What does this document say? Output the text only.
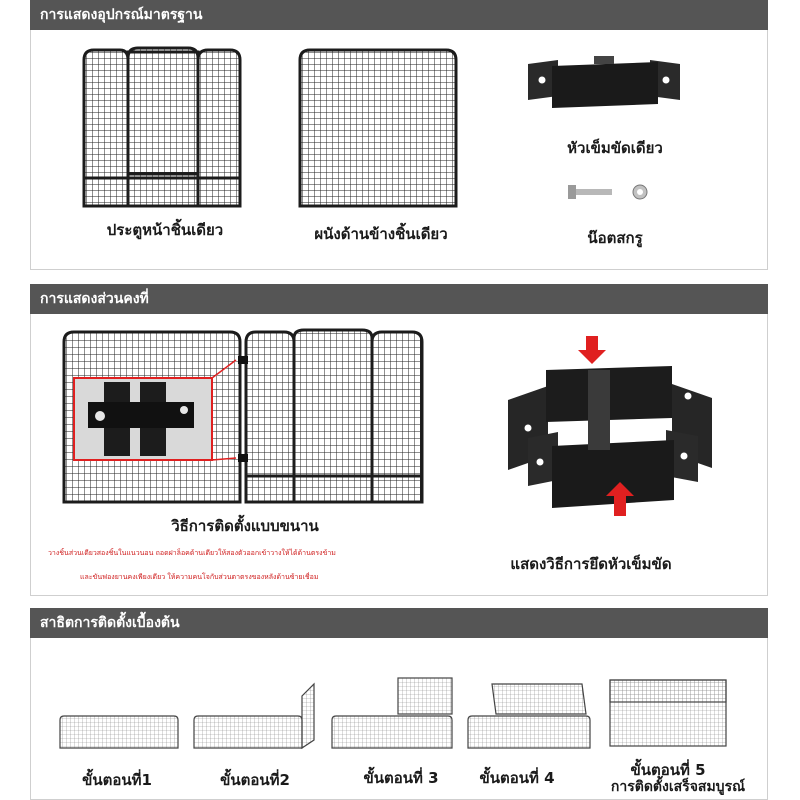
การแสดงอุปกรณ์มาตรฐาน
ประตูหน้าชิ้นเดียว	ผนังด้านข้างชิ้นเดียว
หัวเข็มขัดเดียว
น๊อตสกรู
การแสดงส่วนคงที่
วิธีการติดตั้งแบบขนาน
วางชิ้นส่วนเดียวสองชิ้นในแนวนอน ถอดฝาล็อคด้านเดียวให้สองตัวออกเข้าวางให้ได้ด้านตรงข้าม
และขันฟองยานคงเพียงเดียว ให้ความคนโจกับส่วนตาตรงของหลังด้านซ้ายเชื่อม
แสดงวิธีการยึดหัวเข็มขัด
สาธิตการติดตั้งเบื้องต้น
ขั้นตอนที่1	ขั้นตอนที่2	ขั้นตอนที่ 3	ขั้นตอนที่ 4	ขั้นตอนที่ 5
การติดตั้งเสร็จสมบูรณ์
